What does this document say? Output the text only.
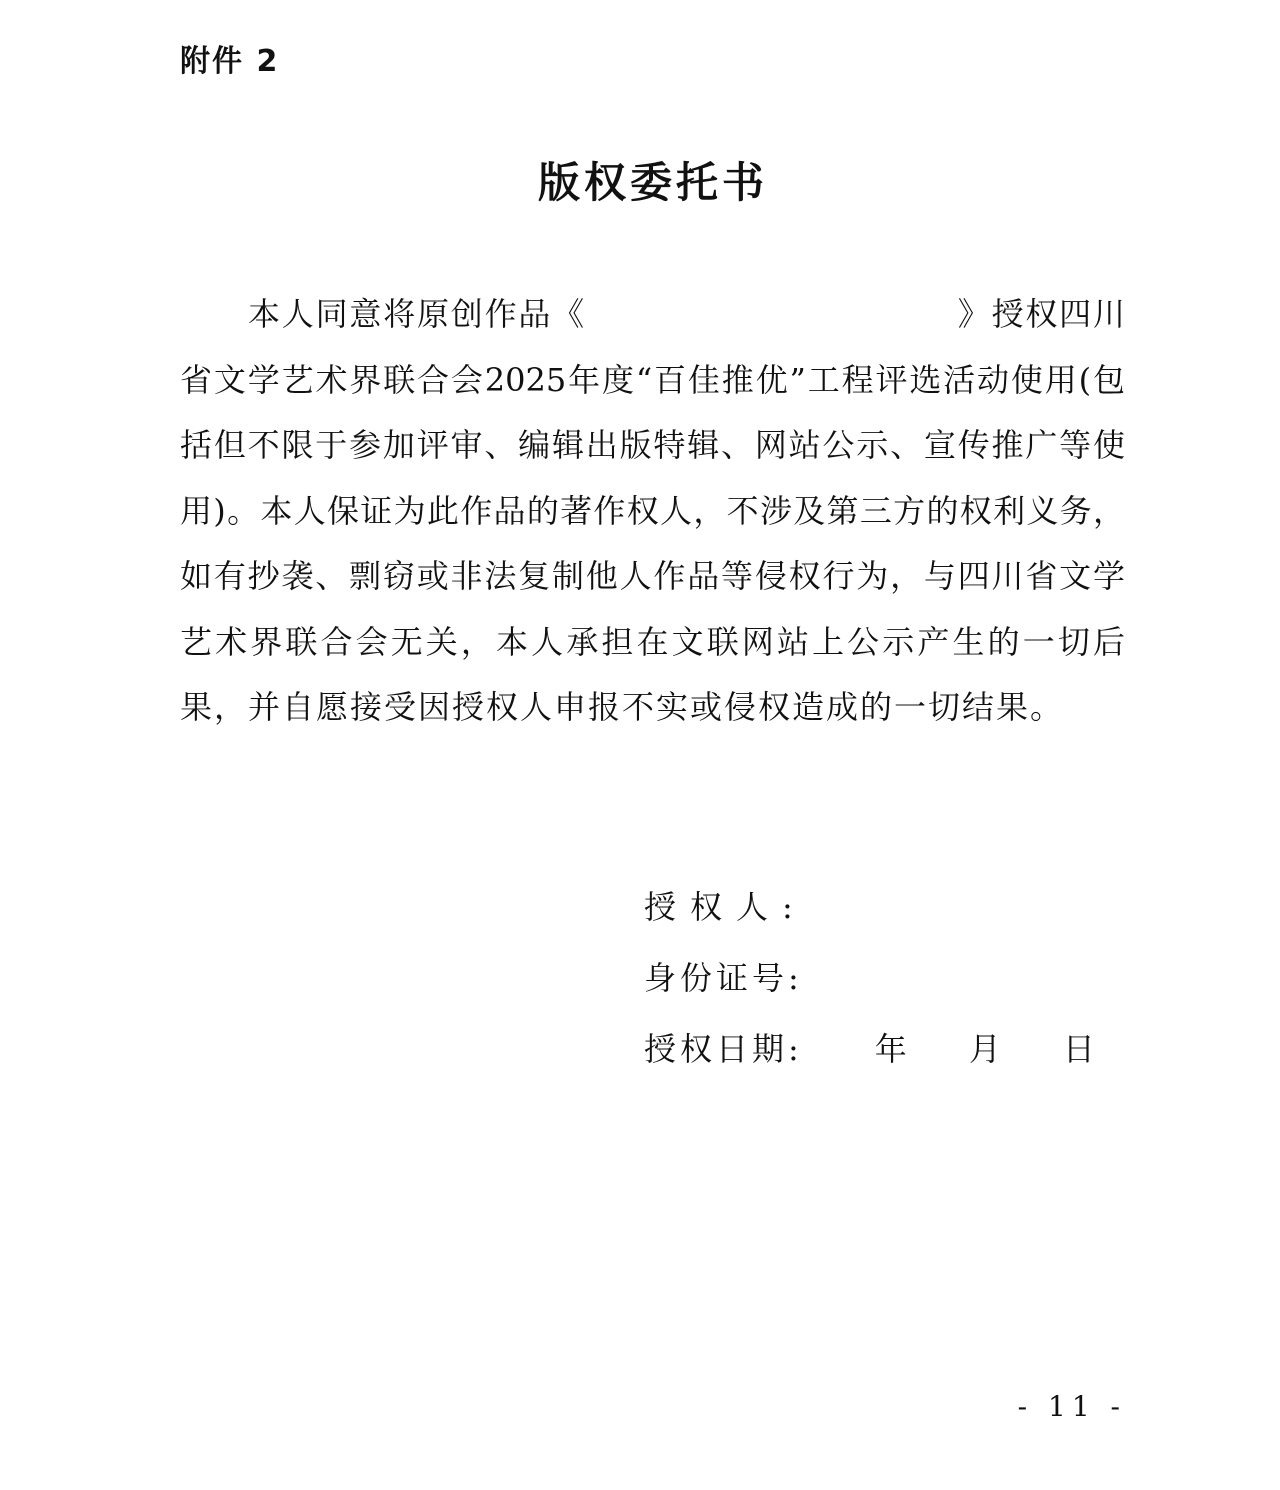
附件 2
版权委托书
本人同意将原创作品《	》授权四川
省文学艺术界联合会2025年度“百佳推优”工程评选活动使用(包
括但不限于参加评审、编辑出版特辑、网站公示、宣传推广等使
用)。本人保证为此作品的著作权人，不涉及第三方的权利义务，
如有抄袭、剽窃或非法复制他人作品等侵权行为，与四川省文学
艺术界联合会无关，本人承担在文联网站上公示产生的一切后
果，并自愿接受因授权人申报不实或侵权造成的一切结果。
授权人:
身份证号:
授权日期: 年 月 日
- 11 -
